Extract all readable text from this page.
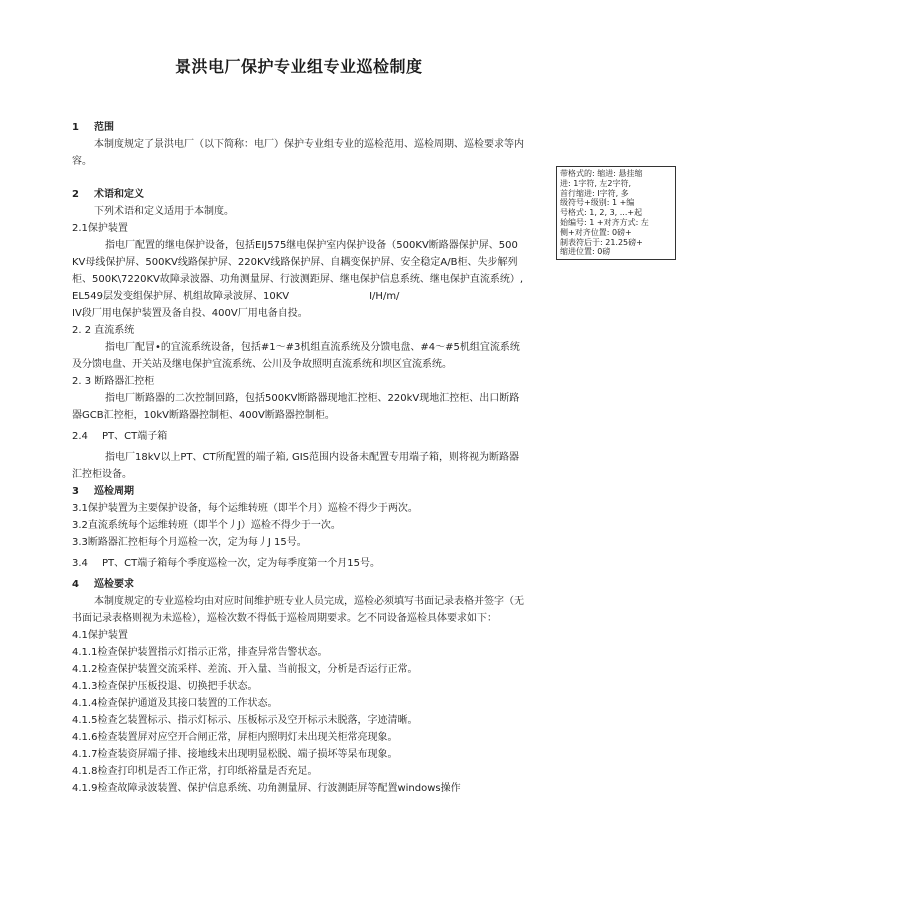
景洪电厂保护专业组专业巡检制度
1 范围
本制度规定了景洪电厂（以下简称：电厂）保护专业组专业的巡检范用、巡检周期、巡检要求等内容。
2 术语和定义
下列术语和定义适用于本制度。
2.1保护装置
指电厂配置的继电保护设备，包括EIJ575继电保护室内保护设备（500KV断路器保护屏、500KV母线保护屏、500KV线路保护屏、220KV线路保护屏、自耦变保护屏、安全稳定A/B柜、失步解列柜、500K\7220KV故障录波器、功角测量屏、行波测距屏、继电保护信息系统、继电保护直流系统）, EL549层发变组保护屏、机组故障录波屏、10KV	I/H/m/
IV段厂用电保护装置及备自投、400V厂用电备自投。
2. 2 直流系统
指电厂配冒•的宜流系统设备，包括#1～#3机组直流系统及分馈电盘、#4～#5机组宜流系统及分馈电盘、开关站及继电保护宜流系统、公川及争故照明直流系统和坝区宜流系统。
2. 3 断路器汇控柜
指电厂断路器的二次控制回路，包括500KV断路器现地汇控柜、220kV现地汇控柜、出口断路器GCB汇控柜，10kV断路器控制柜、400V断路器控制柜。
2.4 PT、CT端子箱
指电厂18kV以上PT、CT所配置的端子箱, GIS范围内设备未配置专用端子箱，则将视为断路器汇控柜设备。
3 巡检周期
3.1保护装置为主要保护设备，每个运维转班（即半个月）巡检不得少于两次。
3.2直流系统每个运维转班（即半个丿J）巡检不得少于一次。
3.3断路器汇控柜每个月巡检一次，定为每丿J 15号。
3.4 PT、CT端子箱每个季度巡检一次，定为每季度第一个月15号。
4 巡检要求
本制度规定的专业巡检均由对应时间维护班专业人员完成，巡检必须填写书面记录表格并签字（无书面记录表格则视为未巡检），巡检次数不得低于巡检周期要求。乞不同设备巡检具体要求如下：
4.1保护装置
4.1.1检查保护装置指示灯指示正常，排查异常告警状态。
4.1.2检查保护装置交流采样、差流、开入量、当前报文，分析是否运行正常。
4.1.3检查保护压板投退、切换把手状态。
4.1.4检查保护通道及其接口装置的工作状态。
4.1.5检查乞装置标示、指示灯标示、压板标示及空开标示未脱落，字迹清晰。
4.1.6检查装置屏对应空开合闸正常，屏柜内照明灯未出现关柜常亮现象。
4.1.7检查装资屏端子排、接地线未出现明显松脱、端子损坏等杲布现象。
4.1.8检查打印机是否工作正常，打印纸裕量是否充足。
4.1.9检查故障录波装置、保护信息系统、功角测量屏、行波测距屏等配置windows操作
带格式的: 缩进: 悬挂缩
进: 1字符, 左2字符,
首行缩进: I字符, 多
级符号+级别: 1 +编
号格式: 1, 2, 3, ...+起
始编号: 1 +对齐方式: 左
侧+对齐位置: 0磅+
制表符后于: 21.25磅+
缩进位置: 0磅
